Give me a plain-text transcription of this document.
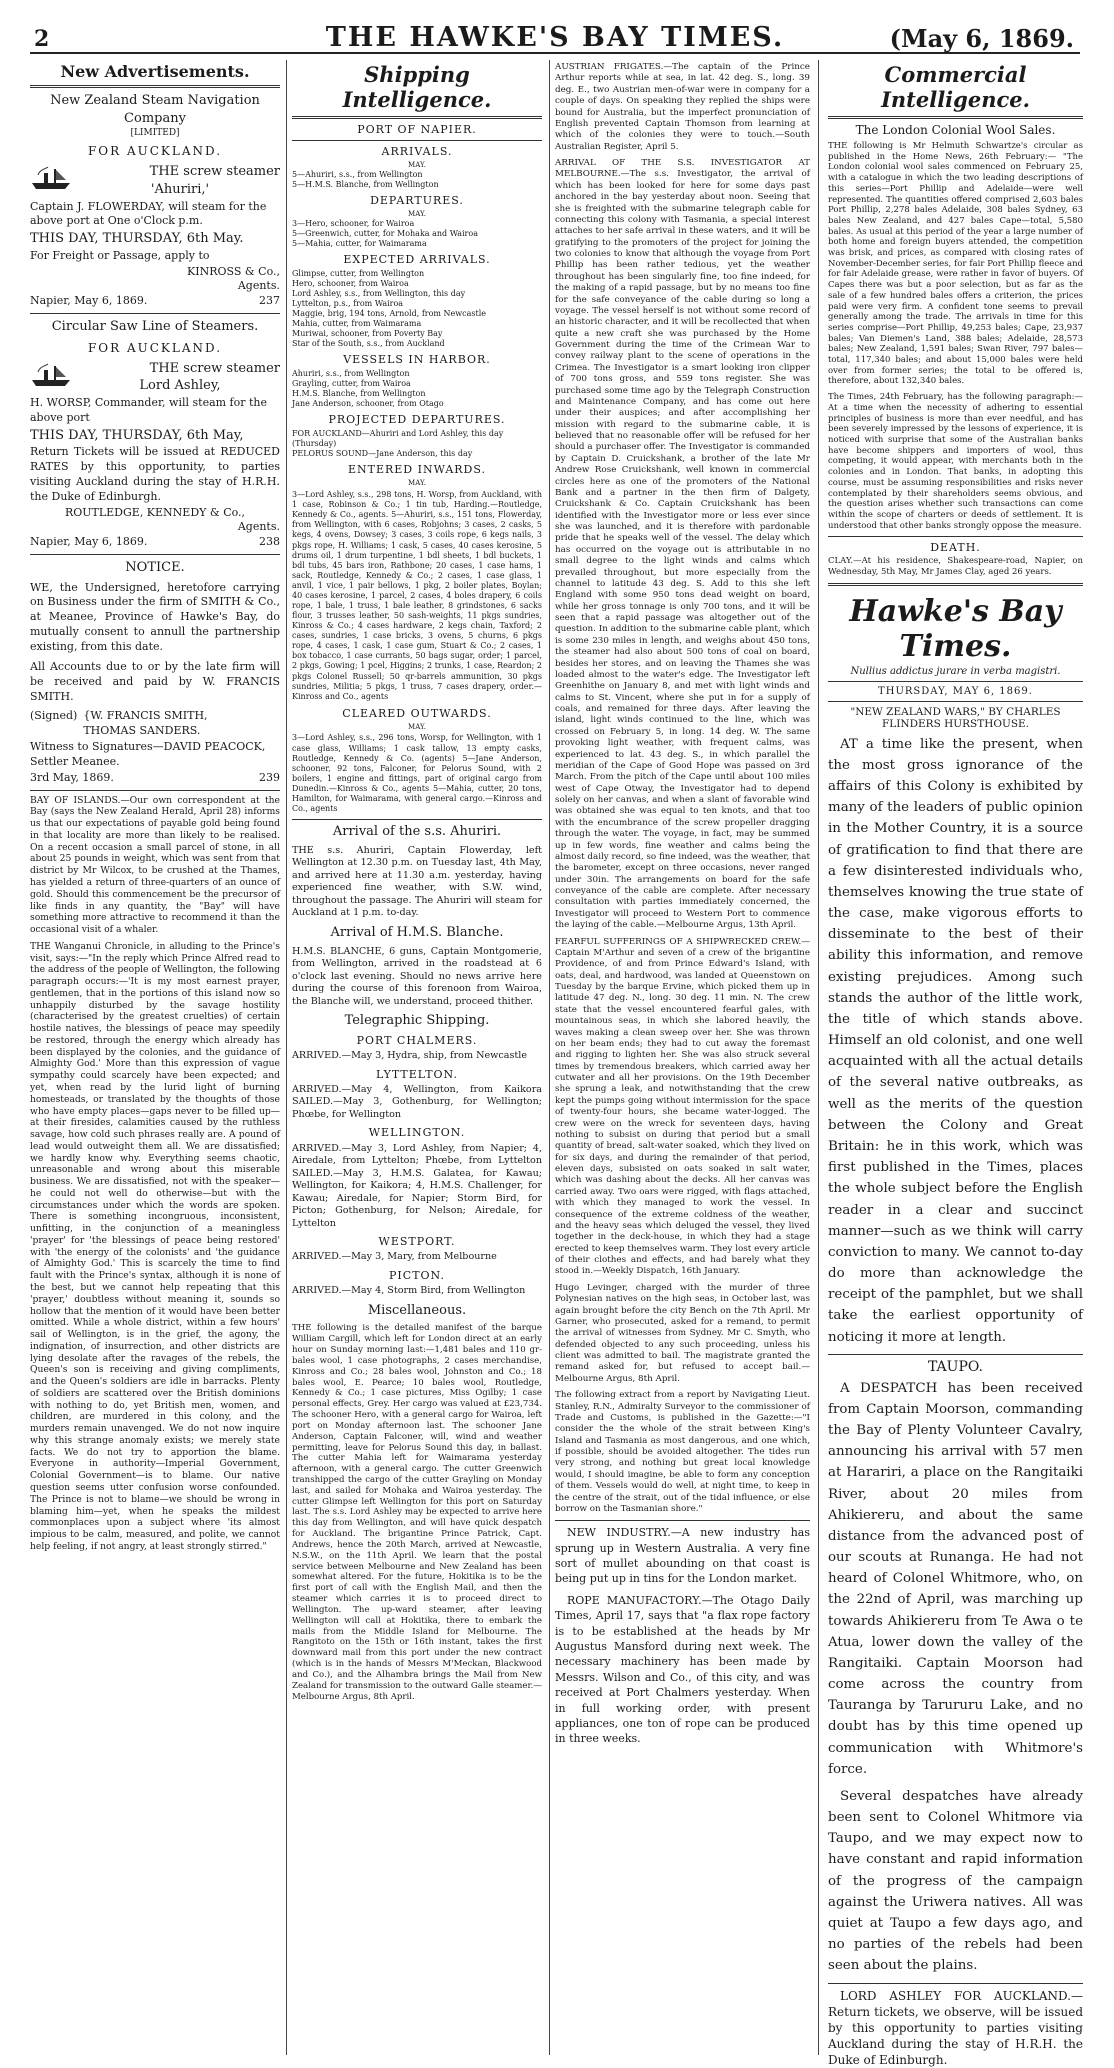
2	THE HAWKE'S BAY TIMES.	(May 6, 1869.
New Advertisements.
New Zealand Steam Navigation Company
[LIMITED]
FOR AUCKLAND.
THE screw steamer
'Ahuriri,'
Captain J. FLOWERDAY, will steam for the above port at One o'Clock p.m.
THIS DAY, THURSDAY, 6th May.
For Freight or Passage, apply to
KINROSS & Co.,
Agents.
Napier, May 6, 1869.	237
Circular Saw Line of Steamers.
FOR AUCKLAND.
THE screw steamer
Lord Ashley,
H. WORSP, Commander, will steam for the above port
THIS DAY, THURSDAY, 6th May,
Return Tickets will be issued at REDUCED RATES by this opportunity, to parties visiting Auckland during the stay of H.R.H. the Duke of Edinburgh.
ROUTLEDGE, KENNEDY & Co.,
Agents.
Napier, May 6, 1869.	238
NOTICE.

WE, the Undersigned, heretofore carrying on Business under the firm of SMITH & Co., at Meanee, Province of Hawke's Bay, do mutually consent to annull the partnership existing, from this date.

All Accounts due to or by the late firm will be received and paid by W. FRANCIS SMITH.

(Signed) {W. FRANCIS SMITH,
THOMAS SANDERS.
Witness to Signatures—DAVID PEACOCK, Settler Meanee.
3rd May, 1869.	239

BAY OF ISLANDS.—Our own correspondent at the Bay (says the New Zealand Herald, April 28) informs us that our expectations of payable gold being found in that locality are more than likely to be realised. On a recent occasion a small parcel of stone, in all about 25 pounds in weight, which was sent from that district by Mr Wilcox, to be crushed at the Thames, has yielded a return of three-quarters of an ounce of gold. Should this commencement be the precursor of like finds in any quantity, the "Bay" will have something more attractive to recommend it than the occasional visit of a whaler.

THE Wanganui Chronicle, in alluding to the Prince's visit, says:—"In the reply which Prince Alfred read to the address of the people of Wellington, the following paragraph occurs:—'It is my most earnest prayer, gentlemen, that in the portions of this island now so unhappily disturbed by the savage hostility (characterised by the greatest cruelties) of certain hostile natives, the blessings of peace may speedily be restored, through the energy which already has been displayed by the colonies, and the guidance of Almighty God.' More than this expression of vague sympathy could scarcely have been expected; and yet, when read by the lurid light of burning homesteads, or translated by the thoughts of those who have empty places—gaps never to be filled up—at their firesides, calamities caused by the ruthless savage, how cold such phrases really are. A pound of lead would outweight them all. We are dissatisfied; we hardly know why. Everything seems chaotic, unreasonable and wrong about this miserable business. We are dissatisfied, not with the speaker—he could not well do otherwise—but with the circumstances under which the words are spoken. There is something incongruous, inconsistent, unfitting, in the conjunction of a meaningless 'prayer' for 'the blessings of peace being restored' with 'the energy of the colonists' and 'the guidance of Almighty God.' This is scarcely the time to find fault with the Prince's syntax, although it is none of the best, but we cannot help repeating that this 'prayer,' doubtless without meaning it, sounds so hollow that the mention of it would have been better omitted. While a whole district, within a few hours' sail of Wellington, is in the grief, the agony, the indignation, of insurrection, and other districts are lying desolate after the ravages of the rebels, the Queen's son is receiving and giving compliments, and the Queen's soldiers are idle in barracks. Plenty of soldiers are scattered over the British dominions with nothing to do, yet British men, women, and children, are murdered in this colony, and the murders remain unavenged. We do not now inquire why this strange anomaly exists; we merely state facts. We do not try to apportion the blame. Everyone in authority—Imperial Government, Colonial Government—is to blame. Our native question seems utter confusion worse confounded. The Prince is not to blame—we should be wrong in blaming him—yet, when he speaks the mildest commonplaces upon a subject where 'its almost impious to be calm, measured, and polite, we cannot help feeling, if not angry, at least strongly stirred."

Shipping Intelligence.
PORT OF NAPIER.
ARRIVALS.
MAY.
5—Ahuriri, s.s., from Wellington
5—H.M.S. Blanche, from Wellington
DEPARTURES.
MAY.
3—Hero, schooner, for Wairoa
5—Greenwich, cutter, for Mohaka and Wairoa
5—Mahia, cutter, for Waimarama
EXPECTED ARRIVALS.
Glimpse, cutter, from Wellington
Hero, schooner, from Wairoa
Lord Ashley, s.s., from Wellington, this day
Lyttelton, p.s., from Wairoa
Maggie, brig, 194 tons, Arnold, from Newcastle
Mahia, cutter, from Waimarama
Muriwai, schooner, from Poverty Bay
Star of the South, s.s., from Auckland
VESSELS IN HARBOR.
Ahuriri, s.s., from Wellington
Grayling, cutter, from Wairoa
H.M.S. Blanche, from Wellington
Jane Anderson, schooner, from Otago
PROJECTED DEPARTURES.
FOR AUCKLAND—Ahuriri and Lord Ashley, this day (Thursday)
PELORUS SOUND—Jane Anderson, this day
ENTERED INWARDS.
MAY.

3—Lord Ashley, s.s., 298 tons, H. Worsp, from Auckland, with 1 case, Robinson & Co.; 1 tin tub, Harding.—Routledge, Kennedy & Co., agents. 5—Ahuriri, s.s., 151 tons, Flowerday, from Wellington, with 6 cases, Robjohns; 3 cases, 2 casks, 5 kegs, 4 ovens, Dowsey; 3 cases, 3 coils rope, 6 kegs nails, 3 pkgs rope, H. Williams; 1 cask, 5 cases, 40 cases kerosine, 5 drums oil, 1 drum turpentine, 1 bdl sheets, 1 bdl buckets, 1 bdl tubs, 45 bars iron, Rathbone; 20 cases, 1 case hams, 1 sack, Routledge, Kennedy & Co.; 2 cases, 1 case glass, 1 anvil, 1 vice, 1 pair bellows, 1 pkg, 2 boiler plates, Boylan; 40 cases kerosine, 1 parcel, 2 cases, 4 boles drapery, 6 coils rope, 1 bale, 1 truss, 1 bale leather, 8 grindstones, 6 sacks flour, 3 trusses leather, 50 sash-weights, 11 pkgs sundries, Kinross & Co.; 4 cases hardware, 2 kegs chain, Taxford; 2 cases, sundries, 1 case bricks, 3 ovens, 5 churns, 6 pkgs rope, 4 cases, 1 cask, 1 case gum, Stuart & Co.; 2 cases, 1 box tobacco, 1 case currants, 50 bags sugar, order; 1 parcel, 2 pkgs, Gowing; 1 pcel, Higgins; 2 trunks, 1 case, Reardon; 2 pkgs Colonel Russell; 50 qr-barrels ammunition, 30 pkgs sundries, Militia; 5 pkgs, 1 truss, 7 cases drapery, order.—Kinross and Co., agents

CLEARED OUTWARDS.
MAY.

3—Lord Ashley, s.s., 296 tons, Worsp, for Wellington, with 1 case glass, Williams; 1 cask tallow, 13 empty casks, Routledge, Kennedy & Co. (agents) 5—Jane Anderson, schooner, 92 tons, Falconer, for Pelorus Sound, with 2 boilers, 1 engine and fittings, part of original cargo from Dunedin.—Kinross & Co., agents 5—Mahia, cutter, 20 tons, Hamilton, for Waimarama, with general cargo.—Kinross and Co., agents

Arrival of the s.s. Ahuriri.

THE s.s. Ahuriri, Captain Flowerday, left Wellington at 12.30 p.m. on Tuesday last, 4th May, and arrived here at 11.30 a.m. yesterday, having experienced fine weather, with S.W. wind, throughout the passage. The Ahuriri will steam for Auckland at 1 p.m. to-day.

Arrival of H.M.S. Blanche.

H.M.S. BLANCHE, 6 guns, Captain Montgomerie, from Wellington, arrived in the roadstead at 6 o'clock last evening. Should no news arrive here during the course of this forenoon from Wairoa, the Blanche will, we understand, proceed thither.

Telegraphic Shipping.
PORT CHALMERS.

ARRIVED.—May 3, Hydra, ship, from Newcastle

LYTTELTON.

ARRIVED.—May 4, Wellington, from Kaikora SAILED.—May 3, Gothenburg, for Wellington; Phœbe, for Wellington

WELLINGTON.

ARRIVED.—May 3, Lord Ashley, from Napier; 4, Airedale, from Lyttelton; Phœbe, from Lyttelton SAILED.—May 3, H.M.S. Galatea, for Kawau; Wellington, for Kaikora; 4, H.M.S. Challenger, for Kawau; Airedale, for Napier; Storm Bird, for Picton; Gothenburg, for Nelson; Airedale, for Lyttelton

WESTPORT.

ARRIVED.—May 3, Mary, from Melbourne

PICTON.

ARRIVED.—May 4, Storm Bird, from Wellington

Miscellaneous.

THE following is the detailed manifest of the barque William Cargill, which left for London direct at an early hour on Sunday morning last:—1,481 bales and 110 gr-bales wool, 1 case photographs, 2 cases merchandise, Kinross and Co.; 28 bales wool, Johnston and Co.; 18 bales wool, E. Pearce; 10 bales wool, Routledge, Kennedy & Co.; 1 case pictures, Miss Ogilby; 1 case personal effects, Grey. Her cargo was valued at £23,734. The schooner Hero, with a general cargo for Wairoa, left port on Monday afternoon last. The schooner Jane Anderson, Captain Falconer, will, wind and weather permitting, leave for Pelorus Sound this day, in ballast. The cutter Mahia left for Waimarama yesterday afternoon, with a general cargo. The cutter Greenwich transhipped the cargo of the cutter Grayling on Monday last, and sailed for Mohaka and Wairoa yesterday. The cutter Glimpse left Wellington for this port on Saturday last. The s.s. Lord Ashley may be expected to arrive here this day from Wellington, and will have quick despatch for Auckland. The brigantine Prince Patrick, Capt. Andrews, hence the 20th March, arrived at Newcastle, N.S.W., on the 11th April. We learn that the postal service between Melbourne and New Zealand has been somewhat altered. For the future, Hokitika is to be the first port of call with the English Mail, and then the steamer which carries it is to proceed direct to Wellington. The up-ward steamer, after leaving Wellington will call at Hokitika, there to embark the mails from the Middle Island for Melbourne. The Rangitoto on the 15th or 16th instant, takes the first downward mail from this port under the new contract (which is in the hands of Messrs M'Meckan, Blackwood and Co.), and the Alhambra brings the Mail from New Zealand for transmission to the outward Galle steamer.—Melbourne Argus, 8th April.

AUSTRIAN FRIGATES.—The captain of the Prince Arthur reports while at sea, in lat. 42 deg. S., long. 39 deg. E., two Austrian men-of-war were in company for a couple of days. On speaking they replied the ships were bound for Australia, but the imperfect pronunciation of English prevented Captain Thomson from learning at which of the colonies they were to touch.—South Australian Register, April 5.

ARRIVAL OF THE S.S. INVESTIGATOR AT MELBOURNE.—The s.s. Investigator, the arrival of which has been looked for here for some days past anchored in the bay yesterday about noon. Seeing that she is freighted with the submarine telegraph cable for connecting this colony with Tasmania, a special interest attaches to her safe arrival in these waters, and it will be gratifying to the promoters of the project for joining the two colonies to know that although the voyage from Port Phillip has been rather tedious, yet the weather throughout has been singularly fine, too fine indeed, for the making of a rapid passage, but by no means too fine for the safe conveyance of the cable during so long a voyage. The vessel herself is not without some record of an historic character, and it will be recollected that when quite a new craft she was purchased by the Home Government during the time of the Crimean War to convey railway plant to the scene of operations in the Crimea. The Investigator is a smart looking iron clipper of 700 tons gross, and 559 tons register. She was purchased some time ago by the Telegraph Construction and Maintenance Company, and has come out here under their auspices; and after accomplishing her mission with regard to the submarine cable, it is believed that no reasonable offer will be refused for her should a purchaser offer. The Investigator is commanded by Captain D. Cruickshank, a brother of the late Mr Andrew Rose Cruickshank, well known in commercial circles here as one of the promoters of the National Bank and a partner in the then firm of Dalgety, Cruickshank & Co. Captain Cruickshank has been identified with the Investigator more or less ever since she was launched, and it is therefore with pardonable pride that he speaks well of the vessel. The delay which has occurred on the voyage out is attributable in no small degree to the light winds and calms which prevailed throughout, but more especially from the channel to latitude 43 deg. S. Add to this she left England with some 950 tons dead weight on board, while her gross tonnage is only 700 tons, and it will be seen that a rapid passage was altogether out of the question. In addition to the submarine cable plant, which is some 230 miles in length, and weighs about 450 tons, the steamer had also about 500 tons of coal on board, besides her stores, and on leaving the Thames she was loaded almost to the water's edge. The Investigator left Greenhithe on January 8, and met with light winds and calms to St. Vincent, where she put in for a supply of coals, and remained for three days. After leaving the island, light winds continued to the line, which was crossed on February 5, in long. 14 deg. W. The same provoking light weather, with frequent calms, was experienced to lat. 43 deg. S., in which parallel the meridian of the Cape of Good Hope was passed on 3rd March. From the pitch of the Cape until about 100 miles west of Cape Otway, the Investigator had to depend solely on her canvas, and when a slant of favorable wind was obtained she was equal to ten knots, and that too with the encumbrance of the screw propeller dragging through the water. The voyage, in fact, may be summed up in few words, fine weather and calms being the almost daily record, so fine indeed, was the weather, that the barometer, except on three occasions, never ranged under 30in. The arrangements on board for the safe conveyance of the cable are complete. After necessary consultation with parties immediately concerned, the Investigator will proceed to Western Port to commence the laying of the cable.—Melbourne Argus, 13th April.

FEARFUL SUFFERINGS OF A SHIPWRECKED CREW.—Captain M'Arthur and seven of a crew of the brigantine Providence, of and from Prince Edward's Island, with oats, deal, and hardwood, was landed at Queenstown on Tuesday by the barque Ervine, which picked them up in latitude 47 deg. N., long. 30 deg. 11 min. N. The crew state that the vessel encountered fearful gales, with mountainous seas, in which she labored heavily, the waves making a clean sweep over her. She was thrown on her beam ends; they had to cut away the foremast and rigging to lighten her. She was also struck several times by tremendous breakers, which carried away her cutwater and all her provisions. On the 19th December she sprung a leak, and notwithstanding that the crew kept the pumps going without intermission for the space of twenty-four hours, she became water-logged. The crew were on the wreck for seventeen days, having nothing to subsist on during that period but a small quantity of bread, salt-water soaked, which they lived on for six days, and during the remainder of that period, eleven days, subsisted on oats soaked in salt water, which was dashing about the decks. All her canvas was carried away. Two oars were rigged, with flags attached, with which they managed to work the vessel. In consequence of the extreme coldness of the weather, and the heavy seas which deluged the vessel, they lived together in the deck-house, in which they had a stage erected to keep themselves warm. They lost every article of their clothes and effects, and had barely what they stood in.—Weekly Dispatch, 16th January.

Hugo Levinger, charged with the murder of three Polynesian natives on the high seas, in October last, was again brought before the city Bench on the 7th April. Mr Garner, who prosecuted, asked for a remand, to permit the arrival of witnesses from Sydney. Mr C. Smyth, who defended objected to any such proceeding, unless his client was admitted to bail. The magistrate granted the remand asked for, but refused to accept bail.—Melbourne Argus, 8th April.

The following extract from a report by Navigating Lieut. Stanley, R.N., Admiralty Surveyor to the commissioner of Trade and Customs, is published in the Gazette:—"I consider the the whole of the strait between King's Island and Tasmania as most dangerous, and one which, if possible, should be avoided altogether. The tides run very strong, and nothing but great local knowledge would, I should imagine, be able to form any conception of them. Vessels would do well, at night time, to keep in the centre of the strait, out of the tidal influence, or else borrow on the Tasmanian shore."

NEW INDUSTRY.—A new industry has sprung up in Western Australia. A very fine sort of mullet abounding on that coast is being put up in tins for the London market.

ROPE MANUFACTORY.—The Otago Daily Times, April 17, says that "a flax rope factory is to be established at the heads by Mr Augustus Mansford during next week. The necessary machinery has been made by Messrs. Wilson and Co., of this city, and was received at Port Chalmers yesterday. When in full working order, with present appliances, one ton of rope can be produced in three weeks.

Commercial Intelligence.
The London Colonial Wool Sales.

THE following is Mr Helmuth Schwartze's circular as published in the Home News, 26th February:— "The London colonial wool sales commenced on February 25, with a catalogue in which the two leading descriptions of this series—Port Phillip and Adelaide—were well represented. The quantities offered comprised 2,603 bales Port Phillip, 2,278 bales Adelaide, 308 bales Sydney, 63 bales New Zealand, and 427 bales Cape—total, 5,580 bales. As usual at this period of the year a large number of both home and foreign buyers attended, the competition was brisk, and prices, as compared with closing rates of November-December series, for fair Port Phillip fleece and for fair Adelaide grease, were rather in favor of buyers. Of Capes there was but a poor selection, but as far as the sale of a few hundred bales offers a criterion, the prices paid were very firm. A confident tone seems to prevail generally among the trade. The arrivals in time for this series comprise—Port Phillip, 49,253 bales; Cape, 23,937 bales; Van Diemen's Land, 388 bales; Adelaide, 28,573 bales; New Zealand, 1,591 bales; Swan River, 797 bales—total, 117,340 bales; and about 15,000 bales were held over from former series; the total to be offered is, therefore, about 132,340 bales.

The Times, 24th February, has the following paragraph:— At a time when the necessity of adhering to essential principles of business is more than ever needful, and has been severely impressed by the lessons of experience, it is noticed with surprise that some of the Australian banks have become shippers and importers of wool, thus competing, it would appear, with merchants both in the colonies and in London. That banks, in adopting this course, must be assuming responsibilities and risks never contemplated by their shareholders seems obvious, and the question arises whether such transactions can come within the scope of charters or deeds of settlement. It is understood that other banks strongly oppose the measure.

DEATH.

CLAY.—At his residence, Shakespeare-road, Napier, on Wednesday, 5th May, Mr James Clay, aged 26 years.

Hawke's Bay Times.
Nullius addictus jurare in verba magistri.
THURSDAY, MAY 6, 1869.
"NEW ZEALAND WARS," BY CHARLES FLINDERS HURSTHOUSE.

AT a time like the present, when the most gross ignorance of the affairs of this Colony is exhibited by many of the leaders of public opinion in the Mother Country, it is a source of gratification to find that there are a few disinterested individuals who, themselves knowing the true state of the case, make vigorous efforts to disseminate to the best of their ability this information, and remove existing prejudices. Among such stands the author of the little work, the title of which stands above. Himself an old colonist, and one well acquainted with all the actual details of the several native outbreaks, as well as the merits of the question between the Colony and Great Britain: he in this work, which was first published in the Times, places the whole subject before the English reader in a clear and succinct manner—such as we think will carry conviction to many. We cannot to-day do more than acknowledge the receipt of the pamphlet, but we shall take the earliest opportunity of noticing it more at length.

TAUPO.

A DESPATCH has been received from Captain Moorson, commanding the Bay of Plenty Volunteer Cavalry, announcing his arrival with 57 men at Harariri, a place on the Rangitaiki River, about 20 miles from Ahikiereru, and about the same distance from the advanced post of our scouts at Runanga. He had not heard of Colonel Whitmore, who, on the 22nd of April, was marching up towards Ahikiereru from Te Awa o te Atua, lower down the valley of the Rangitaiki. Captain Moorson had come across the country from Tauranga by Tarururu Lake, and no doubt has by this time opened up communication with Whitmore's force.

Several despatches have already been sent to Colonel Whitmore via Taupo, and we may expect now to have constant and rapid information of the progress of the campaign against the Uriwera natives. All was quiet at Taupo a few days ago, and no parties of the rebels had been seen about the plains.

LORD ASHLEY FOR AUCKLAND.—Return tickets, we observe, will be issued by this opportunity to parties visiting Auckland during the stay of H.R.H. the Duke of Edinburgh.
